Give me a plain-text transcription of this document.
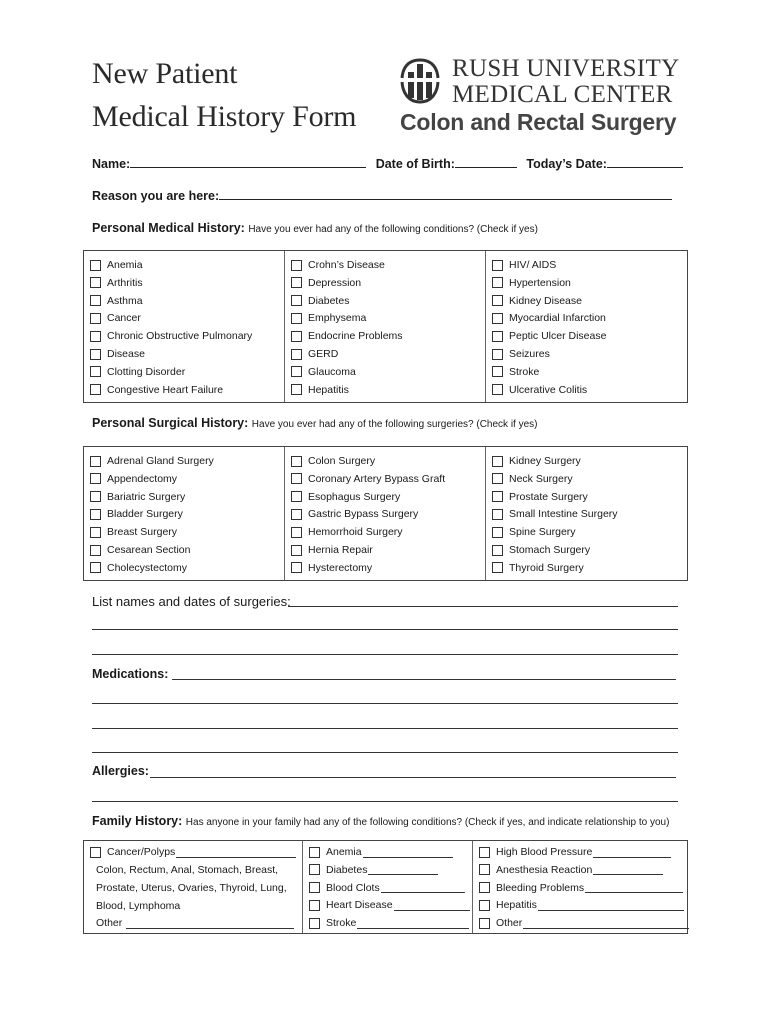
New Patient
Medical History Form
RUSH UNIVERSITY
MEDICAL CENTER
Colon and Rectal Surgery
Name:	Date of Birth:	Today’s Date:
Reason you are here:
Personal Medical History: Have you ever had any of the following conditions? (Check if yes)
Anemia
Arthritis
Asthma
Cancer
Chronic Obstructive Pulmonary
Disease
Clotting Disorder
Congestive Heart Failure
Crohn’s Disease
Depression
Diabetes
Emphysema
Endocrine Problems
GERD
Glaucoma
Hepatitis
HIV/ AIDS
Hypertension
Kidney Disease
Myocardial Infarction
Peptic Ulcer Disease
Seizures
Stroke
Ulcerative Colitis
Personal Surgical History: Have you ever had any of the following surgeries? (Check if yes)
Adrenal Gland Surgery
Appendectomy
Bariatric Surgery
Bladder Surgery
Breast Surgery
Cesarean Section
Cholecystectomy
Colon Surgery
Coronary Artery Bypass Graft
Esophagus Surgery
Gastric Bypass Surgery
Hemorrhoid Surgery
Hernia Repair
Hysterectomy
Kidney Surgery
Neck Surgery
Prostate Surgery
Small Intestine Surgery
Spine Surgery
Stomach Surgery
Thyroid Surgery
List names and dates of surgeries:
Medications:
Allergies:
Family History: Has anyone in your family had any of the following conditions? (Check if yes, and indicate relationship to you)
Cancer/Polyps
Colon, Rectum, Anal, Stomach, Breast,
Prostate, Uterus, Ovaries, Thyroid, Lung,
Blood, Lymphoma
Other
Anemia
Diabetes
Blood Clots
Heart Disease
Stroke
High Blood Pressure
Anesthesia Reaction
Bleeding Problems
Hepatitis
Other
